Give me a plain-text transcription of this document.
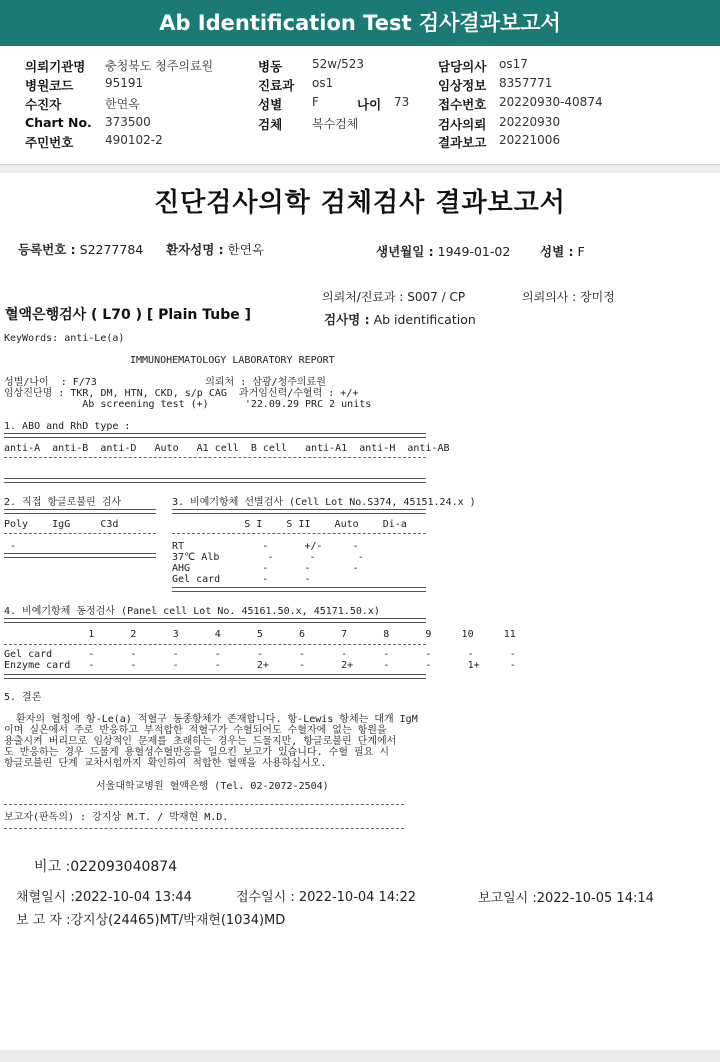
Ab Identification Test 검사결과보고서
의뢰기관명 충청북도 청주의료원
병원코드	95191
수진자	한연옥
Chart No. 373500
주민번호	490102-2
병동 52w/523
진료과 os1
성별 F	나이 73
검체 복수검체
담당의사 os17
임상정보 8357771
접수번호 20220930-40874
검사의뢰 20220930
결과보고 20221006
진단검사의학 검체검사 결과보고서
등록번호 : S2277784 환자성명 : 한연옥	생년월일 : 1949-01-02 성별 : F
의뢰처/진료과 : S007 / CP	의뢰의사 : 장미정
혈액은행검사 ( L70 ) [ Plain Tube ]	검사명 : Ab identification
KeyWords: anti-Le(a)
IMMUNOHEMATOLOGY LABORATORY REPORT
성별/나이  : F/73                  의뢰처 : 삼광/청주의료원
임상진단명 : TKR, DM, HTN, CKD, s/p CAG  과거임신력/수혈력 : +/+
Ab screening test (+)      '22.09.29 PRC 2 units
1. ABO and RhD type :
anti-A  anti-B  anti-D   Auto   A1 cell  B cell   anti-A1  anti-H  anti-AB
2. 직접 항글로불린 검사	3. 비예기항체 선별검사 (Cell Lot No.S374, 45151.24.x )
Poly    IgG     C3d	S I    S II    Auto    Di-a
-	RT             -      +/-     -
37℃ Alb        -      -       -
AHG            -      -       -
Gel card       -      -
4. 비예기항체 동정검사 (Panel cell Lot No. 45161.50.x, 45171.50.x)
1      2      3      4      5      6      7      8      9     10     11
Gel card      -      -      -      -      -      -      -      -      -      -      -
Enzyme card   -      -      -      -      2+     -      2+     -      -      1+     -
5. 결론
환자의 혈청에 항-Le(a) 적혈구 동종항체가 존재합니다. 항-Lewis 항체는 대개 IgM
이며 실온에서 주로 반응하고 부적합한 적혈구가 수혈되어도 수혈자에 없는 항원을
용출시켜 버리므로 임상적인 문제를 초래하는 경우는 드물지만, 항글로불린 단계에서
도 반응하는 경우 드물게 용혈성수혈반응을 일으킨 보고가 있습니다. 수혈 필요 시
항글로불린 단계 교차시험까지 확인하여 적합한 혈액을 사용하십시오.
서울대학교병원 혈액은행 (Tel. 02-2072-2504)
보고자(판독의) : 강지상 M.T. / 박재현 M.D.
비고 :022093040874
채혈일시 :2022-10-04 13:44	접수일시 : 2022-10-04 14:22	보고일시 :2022-10-05 14:14
보 고 자 :강지상(24465)MT/박재현(1034)MD
